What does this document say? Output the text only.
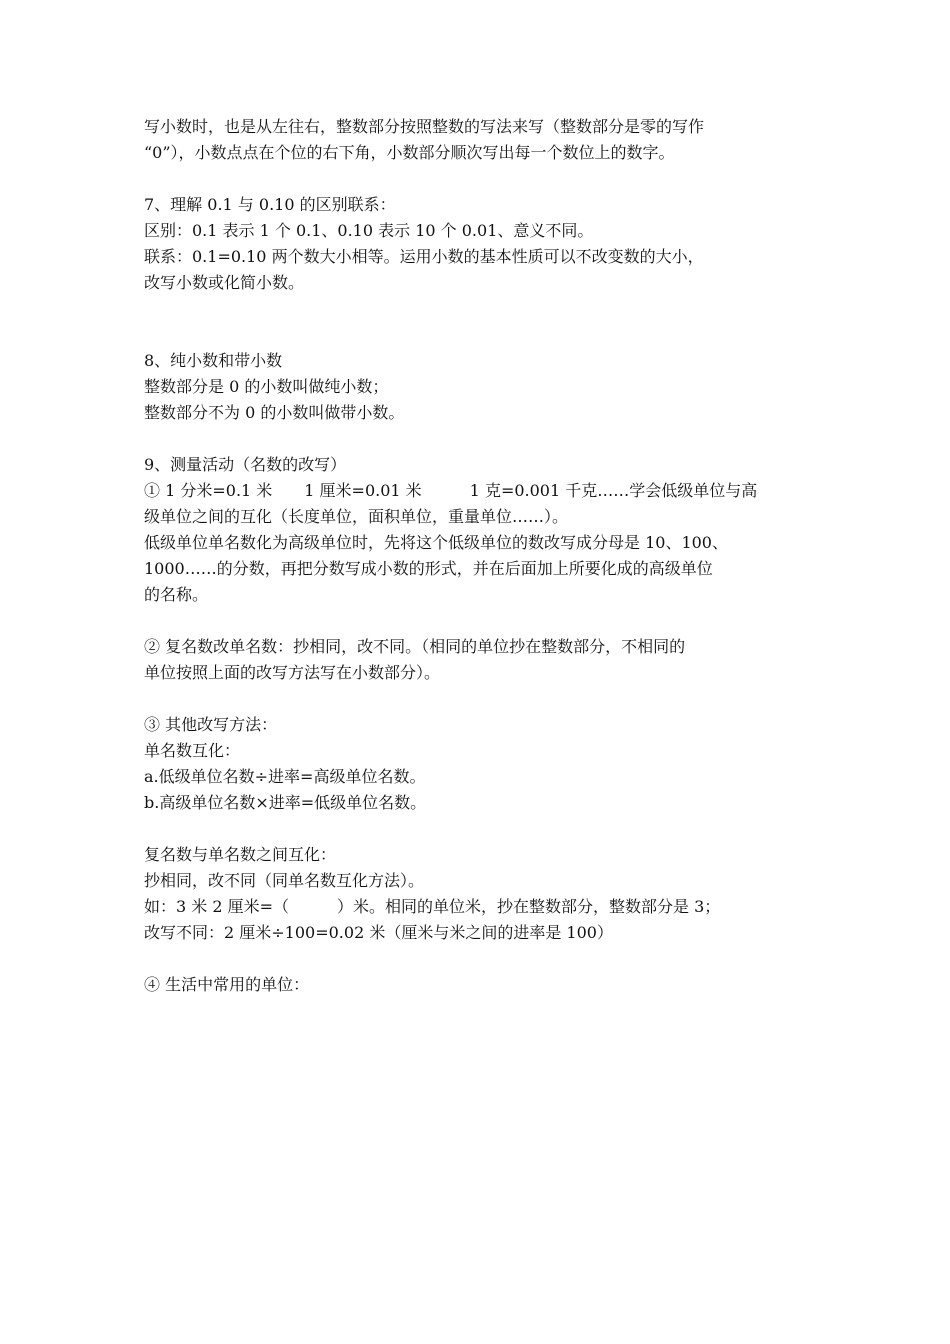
写小数时，也是从左往右，整数部分按照整数的写法来写（整数部分是零的写作
“0”），小数点点在个位的右下角，小数部分顺次写出每一个数位上的数字。
7、理解 0.1 与 0.10 的区别联系：
区别：0.1 表示 1 个 0.1、0.10 表示 10 个 0.01、意义不同。
联系：0.1=0.10 两个数大小相等。运用小数的基本性质可以不改变数的大小，
改写小数或化简小数。
8、纯小数和带小数
整数部分是 0 的小数叫做纯小数；
整数部分不为 0 的小数叫做带小数。
9、测量活动（名数的改写）
① 1 分米=0.1 米　　1 厘米=0.01 米　　　1 克=0.001 千克……学会低级单位与高
级单位之间的互化（长度单位，面积单位，重量单位……）。
低级单位单名数化为高级单位时，先将这个低级单位的数改写成分母是 10、100、
1000……的分数，再把分数写成小数的形式，并在后面加上所要化成的高级单位
的名称。
② 复名数改单名数：抄相同，改不同。（相同的单位抄在整数部分，不相同的
单位按照上面的改写方法写在小数部分）。
③ 其他改写方法：
单名数互化：
a.低级单位名数÷进率=高级单位名数。
b.高级单位名数×进率=低级单位名数。
复名数与单名数之间互化：
抄相同，改不同（同单名数互化方法）。
如：3 米 2 厘米=（　　　）米。相同的单位米，抄在整数部分，整数部分是 3；
改写不同：2 厘米÷100=0.02 米（厘米与米之间的进率是 100）
④ 生活中常用的单位：
